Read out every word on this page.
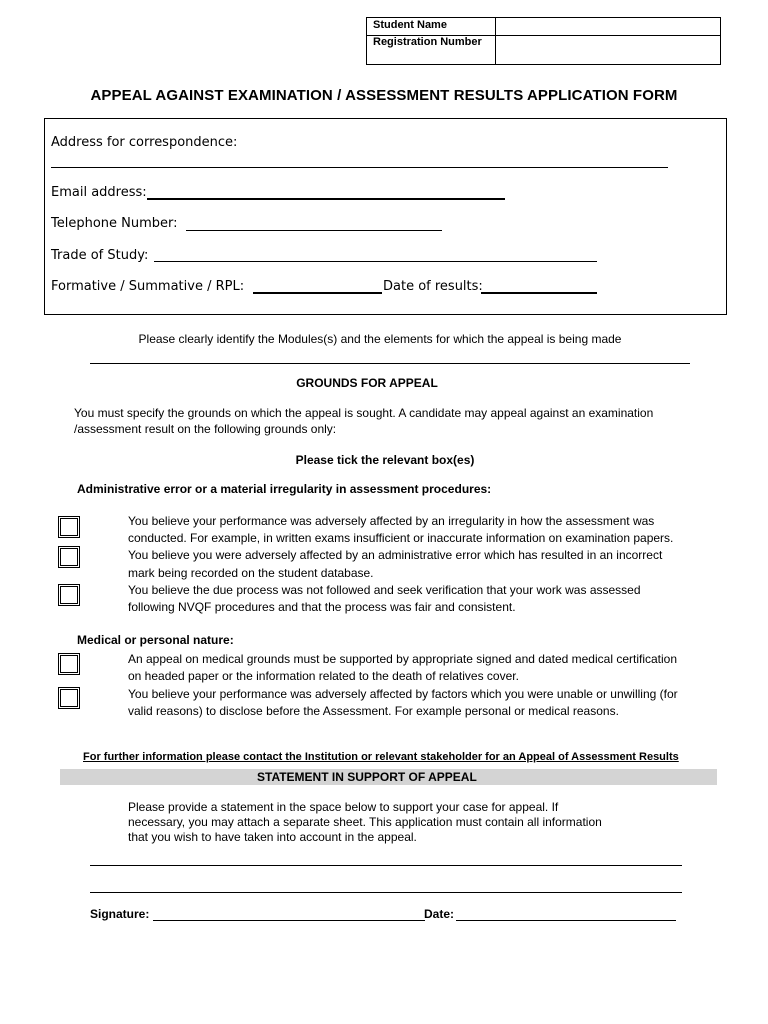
Student Name
Registration Number
APPEAL AGAINST EXAMINATION / ASSESSMENT RESULTS APPLICATION FORM
Address for correspondence:
Email address:
Telephone Number:
Trade of Study:
Formative / Summative / RPL:	Date of results:
Please clearly identify the Modules(s) and the elements for which the appeal is being made
GROUNDS FOR APPEAL
You must specify the grounds on which the appeal is sought. A candidate may appeal against an examination
/assessment result on the following grounds only:
Please tick the relevant box(es)
Administrative error or a material irregularity in assessment procedures:
You believe your performance was adversely affected by an irregularity in how the assessment was
conducted. For example, in written exams insufficient or inaccurate information on examination papers.
You believe you were adversely affected by an administrative error which has resulted in an incorrect
mark being recorded on the student database.
You believe the due process was not followed and seek verification that your work was assessed
following NVQF procedures and that the process was fair and consistent.
Medical or personal nature:
An appeal on medical grounds must be supported by appropriate signed and dated medical certification
on headed paper or the information related to the death of relatives cover.
You believe your performance was adversely affected by factors which you were unable or unwilling (for
valid reasons) to disclose before the Assessment. For example personal or medical reasons.
For further information please contact the Institution or relevant stakeholder for an Appeal of Assessment Results
STATEMENT IN SUPPORT OF APPEAL
Please provide a statement in the space below to support your case for appeal. If
necessary, you may attach a separate sheet. This application must contain all information
that you wish to have taken into account in the appeal.
Signature:	Date:
